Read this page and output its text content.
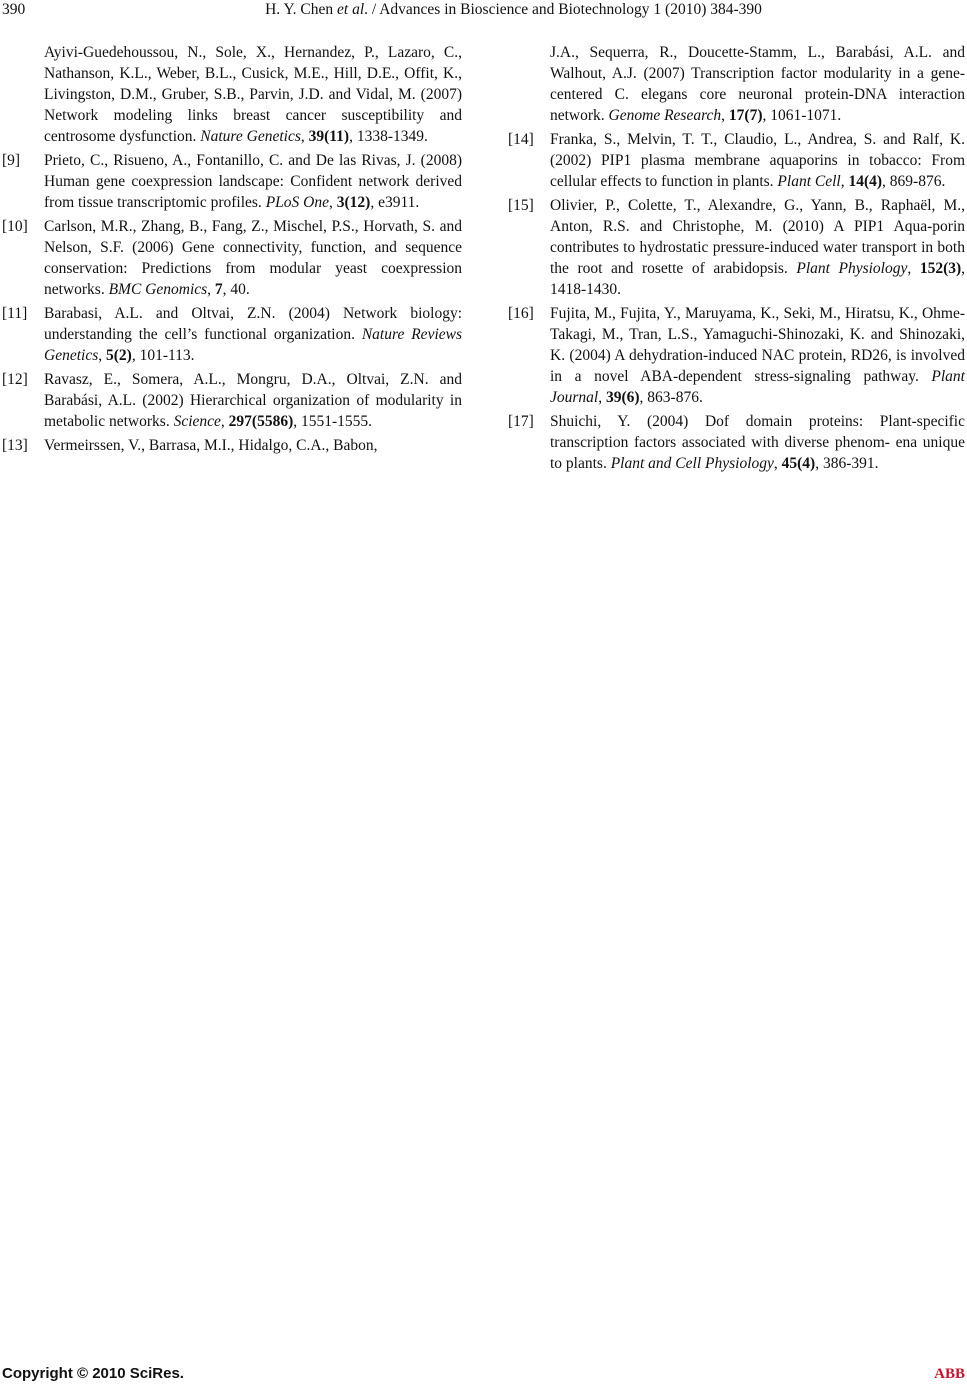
390	H. Y. Chen et al. / Advances in Bioscience and Biotechnology 1 (2010) 384-390
Ayivi-Guedehoussou, N., Sole, X., Hernandez, P., Lazaro, C., Nathanson, K.L., Weber, B.L., Cusick, M.E., Hill, D.E., Offit, K., Livingston, D.M., Gruber, S.B., Parvin, J.D. and Vidal, M. (2007) Network modeling links breast cancer susceptibility and centrosome dysfunction. Nature Genetics, 39(11), 1338-1349.
[9] Prieto, C., Risueno, A., Fontanillo, C. and De las Rivas, J. (2008) Human gene coexpression landscape: Confident network derived from tissue transcriptomic profiles. PLoS One, 3(12), e3911.
[10] Carlson, M.R., Zhang, B., Fang, Z., Mischel, P.S., Horvath, S. and Nelson, S.F. (2006) Gene connectivity, function, and sequence conservation: Predictions from modular yeast coexpression networks. BMC Genomics, 7, 40.
[11] Barabasi, A.L. and Oltvai, Z.N. (2004) Network biology: understanding the cell’s functional organization. Nature Reviews Genetics, 5(2), 101-113.
[12] Ravasz, E., Somera, A.L., Mongru, D.A., Oltvai, Z.N. and Barabási, A.L. (2002) Hierarchical organization of modularity in metabolic networks. Science, 297(5586), 1551-1555.
[13] Vermeirssen, V., Barrasa, M.I., Hidalgo, C.A., Babon,
J.A., Sequerra, R., Doucette-Stamm, L., Barabási, A.L. and Walhout, A.J. (2007) Transcription factor modularity in a gene-centered C. elegans core neuronal protein-DNA interaction network. Genome Research, 17(7), 1061-1071.
[14] Franka, S., Melvin, T. T., Claudio, L., Andrea, S. and Ralf, K. (2002) PIP1 plasma membrane aquaporins in tobacco: From cellular effects to function in plants. Plant Cell, 14(4), 869-876.
[15] Olivier, P., Colette, T., Alexandre, G., Yann, B., Raphaël, M., Anton, R.S. and Christophe, M. (2010) A PIP1 Aqua-porin contributes to hydrostatic pressure-induced water transport in both the root and rosette of arabidopsis. Plant Physiology, 152(3), 1418-1430.
[16] Fujita, M., Fujita, Y., Maruyama, K., Seki, M., Hiratsu, K., Ohme-Takagi, M., Tran, L.S., Yamaguchi-Shinozaki, K. and Shinozaki, K. (2004) A dehydration-induced NAC protein, RD26, is involved in a novel ABA-dependent stress-signaling pathway. Plant Journal, 39(6), 863-876.
[17] Shuichi, Y. (2004) Dof domain proteins: Plant-specific transcription factors associated with diverse phenom- ena unique to plants. Plant and Cell Physiology, 45(4), 386-391.
Copyright © 2010 SciRes.	ABB
